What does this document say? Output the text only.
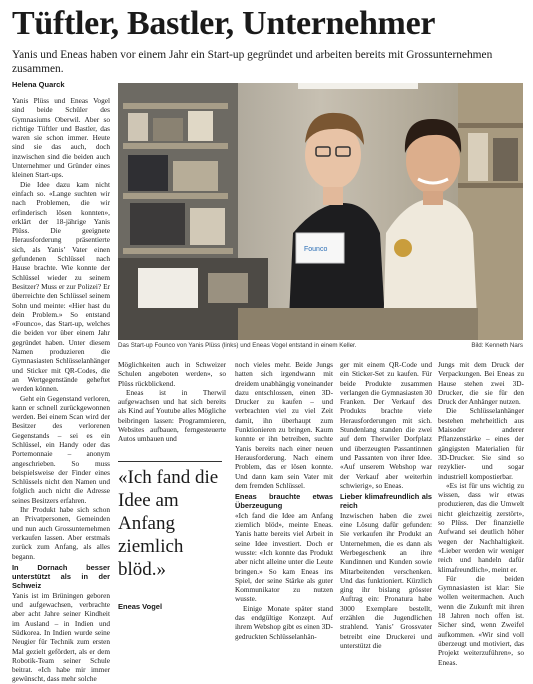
Tüftler, Bastler, Unternehmer
Yanis und Eneas haben vor einem Jahr ein Start-up gegründet und arbeiten bereits mit Grossunternehmen zusammen.
Helena Quarck

Yanis Plüss und Eneas Vogel sind beide Schüler des Gymnasiums Oberwil. Aber so richtige Tüftler und Bastler, das waren sie schon immer. Heute sind sie das auch, doch inzwischen sind die beiden auch Unternehmer und Gründer eines kleinen Start-ups.

Die Idee dazu kam nicht einfach so. «Lange suchten wir nach Problemen, die wir erfinderisch lösen konnten», erklärt der 18-jährige Yanis Plüss. Die geeignete Herausforderung präsentierte sich, als Yanis’ Vater einen gefundenen Schlüssel nach Hause brachte. Wie konnte der Schlüssel wieder zu seinem Besitzer? Muss er zur Polizei? Er überreichte den Schlüssel seinem Sohn und meinte: «Hier hast du dein Problem.» So entstand «Founco», das Start-up, welches die beiden vor über einem Jahr gegründet haben. Unter diesem Namen produzieren die Gymnasiasten Schlüsselanhänger und Sticker mit QR-Codes, die an Wertgegenstände geheftet werden können.

Geht ein Gegenstand verloren, kann er schnell zurückgewonnen werden. Bei einem Scan wird der Besitzer des verlorenen Gegenstands – sei es ein Schlüssel, ein Handy oder das Portemonnaie – anonym angeschrieben. So muss beispielsweise der Finder eines Schlüssels nicht den Namen und folglich auch nicht die Adresse seines Besitzers erfahren.

Ihr Produkt habe sich schon an Privatpersonen, Gemeinden und nun auch Grossunternehmen verkaufen lassen. Aber erstmals zurück zum Anfang, als alles begann.

In Dornach besser unterstützt als in der Schweiz

Yanis ist im Brüningen geboren und aufgewachsen, verbrachte aber acht Jahre seiner Kindheit im Ausland – in Indien und Südkorea. In Indien wurde seine Neugier für Technik zum ersten Mal gezielt gefördert, als er dem Robotik-Team seiner Schule beitrat. «Ich habe mir immer gewünscht, dass mehr solche

Founco
Das Start-up Founco von Yanis Plüss (links) und Eneas Vogel entstand in einem Keller.	Bild: Kenneth Nars

Möglichkeiten auch in Schweizer Schulen angeboten werden», so Plüss rückblickend.

Eneas ist in Therwil aufgewachsen und hat sich bereits als Kind auf Youtube alles Mögliche beibringen lassen: Programmieren, Websites aufbauen, ferngesteuerte Autos umbauen und

«Ich fand die Idee am Anfang ziemlich blöd.»
Eneas Vogel

noch vieles mehr. Beide Jungs hatten sich irgendwann mit dreidem unabhängig voneinander dazu entschlossen, einen 3D-Drucker zu kaufen – und verbrachten viel zu viel Zeit damit, ihn überhaupt zum Funktionieren zu bringen. Kaum konnte er ihn betreiben, suchte Yanis bereits nach einer neuen Herausforderung. Nach einem Problem, das er lösen konnte. Und dann kam sein Vater mit dem fremden Schlüssel.

Eneas brauchte etwas Überzeugung

«Ich fand die Idee am Anfang ziemlich blöd», meinte Eneas. Yanis hatte bereits viel Arbeit in seine Idee investiert. Doch er wusste: «Ich konnte das Produkt aber nicht alleine unter die Leute bringen.» So kam Eneas ins Spiel, der seine Stärke als guter Kommunikator zu nutzen wusste.

Einige Monate später stand das endgültige Konzept. Auf ihrem Webshop gibt es einen 3D-gedruckten Schlüsselanhän-

ger mit einem QR-Code und ein Sticker-Set zu kaufen. Für beide Produkte zusammen verlangen die Gymnasiasten 30 Franken. Der Verkauf des Produkts brachte viele Herausforderungen mit sich. Stundenlang standen die zwei auf dem Therwiler Dorfplatz und überzeugten Passantinnen und Passanten von ihrer Idee. «Auf unserem Webshop war der Verkauf aber weiterhin schwierig», so Eneas.

Lieber klimafreundlich als reich

Inzwischen haben die zwei eine Lösung dafür gefunden: Sie verkaufen ihr Produkt an Unternehmen, die es dann als Werbegeschenk an ihre Kundinnen und Kunden sowie Mitarbeitenden verschenken. Und das funktioniert. Kürzlich ging ihr bislang grösster Auftrag ein: Pronatura habe 3000 Exemplare bestellt, erzählen die Jugendlichen strahlend. Yanis’ Grossvater betreibt eine Druckerei und unterstützt die

Jungs mit dem Druck der Verpackungen. Bei Eneas zu Hause stehen zwei 3D-Drucker, die sie für den Druck der Anhänger nutzen.

Die Schlüsselanhänger bestehen mehrheitlich aus Maisoder anderer Pflanzenstärke – eines der gängigsten Materialien für 3D-Drucker. Sie sind so rezyklier- und sogar industriell kompostierbar.

«Es ist für uns wichtig zu wissen, dass wir etwas produzieren, das die Umwelt nicht gleichzeitig zerstört», so Plüss. Der finanzielle Aufwand sei deutlich höher wegen der Nachhaltigkeit. «Lieber werden wir weniger reich und handeln dafür klimafreundlich», meint er.

Für die beiden Gymnasiasten ist klar: Sie wollen weitermachen. Auch wenn die Zukunft mit ihren 18 Jahren noch offen ist. Sicher sind, wenn Zweifel aufkommen. «Wir sind voll überzeugt und motiviert, das Projekt weiterzuführen», so Eneas.
